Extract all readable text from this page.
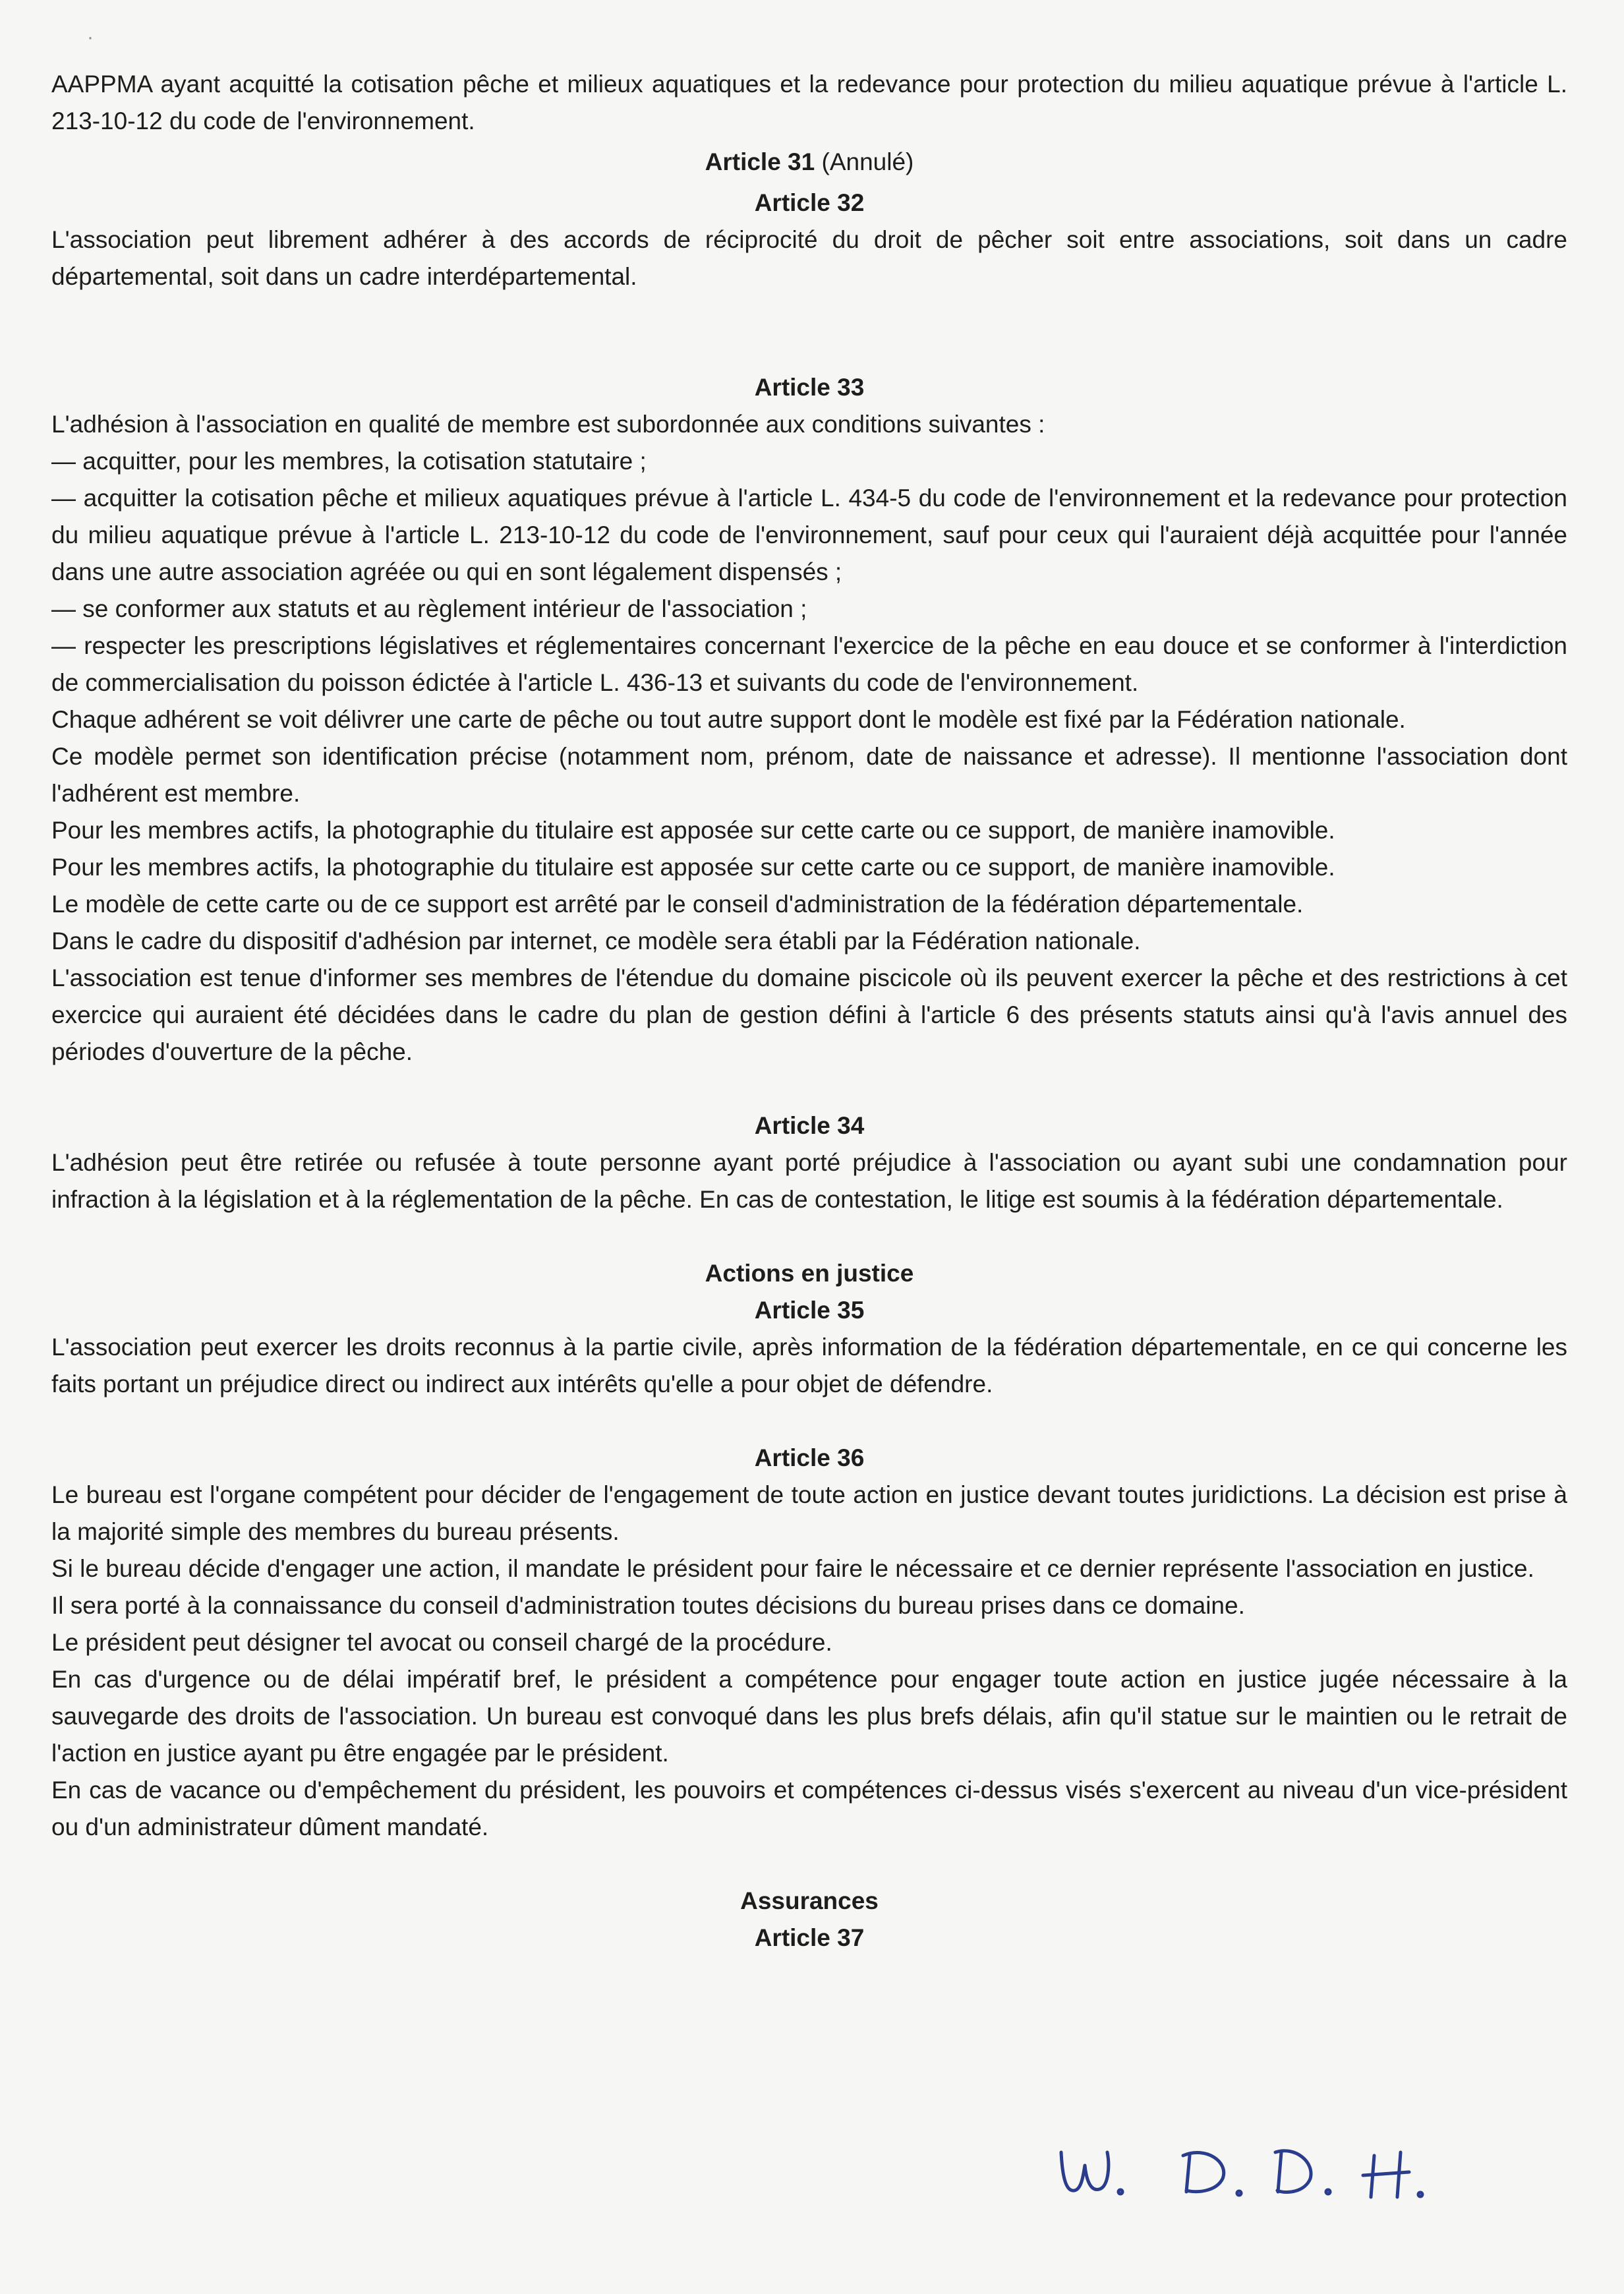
·

AAPPMA ayant acquitté la cotisation pêche et milieux aquatiques et la redevance pour protection du milieu aquatique prévue à l'article L. 213-10-12 du code de l'environnement.

Article 31 (Annulé)

Article 32

L'association peut librement adhérer à des accords de réciprocité du droit de pêcher soit entre associations, soit dans un cadre départemental, soit dans un cadre interdépartemental.

Article 33

L'adhésion à l'association en qualité de membre est subordonnée aux conditions suivantes :

— acquitter, pour les membres, la cotisation statutaire ;

— acquitter la cotisation pêche et milieux aquatiques prévue à l'article L. 434-5 du code de l'environnement et la redevance pour protection du milieu aquatique prévue à l'article L. 213-10-12 du code de l'environnement, sauf pour ceux qui l'auraient déjà acquittée pour l'année dans une autre association agréée ou qui en sont légalement dispensés ;

— se conformer aux statuts et au règlement intérieur de l'association ;

— respecter les prescriptions législatives et réglementaires concernant l'exercice de la pêche en eau douce et se conformer à l'interdiction de commercialisation du poisson édictée à l'article L. 436-13 et suivants du code de l'environnement.

Chaque adhérent se voit délivrer une carte de pêche ou tout autre support dont le modèle est fixé par la Fédération nationale.

Ce modèle permet son identification précise (notamment nom, prénom, date de naissance et adresse). Il mentionne l'association dont l'adhérent est membre.

Pour les membres actifs, la photographie du titulaire est apposée sur cette carte ou ce support, de manière inamovible.

Pour les membres actifs, la photographie du titulaire est apposée sur cette carte ou ce support, de manière inamovible.

Le modèle de cette carte ou de ce support est arrêté par le conseil d'administration de la fédération départementale.

Dans le cadre du dispositif d'adhésion par internet, ce modèle sera établi par la Fédération nationale.

L'association est tenue d'informer ses membres de l'étendue du domaine piscicole où ils peuvent exercer la pêche et des restrictions à cet exercice qui auraient été décidées dans le cadre du plan de gestion défini à l'article 6 des présents statuts ainsi qu'à l'avis annuel des périodes d'ouverture de la pêche.

Article 34

L'adhésion peut être retirée ou refusée à toute personne ayant porté préjudice à l'association ou ayant subi une condamnation pour infraction à la législation et à la réglementation de la pêche. En cas de contestation, le litige est soumis à la fédération départementale.

Actions en justice

Article 35

L'association peut exercer les droits reconnus à la partie civile, après information de la fédération départementale, en ce qui concerne les faits portant un préjudice direct ou indirect aux intérêts qu'elle a pour objet de défendre.

Article 36

Le bureau est l'organe compétent pour décider de l'engagement de toute action en justice devant toutes juridictions. La décision est prise à la majorité simple des membres du bureau présents.

Si le bureau décide d'engager une action, il mandate le président pour faire le nécessaire et ce dernier représente l'association en justice.

Il sera porté à la connaissance du conseil d'administration toutes décisions du bureau prises dans ce domaine.

Le président peut désigner tel avocat ou conseil chargé de la procédure.

En cas d'urgence ou de délai impératif bref, le président a compétence pour engager toute action en justice jugée nécessaire à la sauvegarde des droits de l'association. Un bureau est convoqué dans les plus brefs délais, afin qu'il statue sur le maintien ou le retrait de l'action en justice ayant pu être engagée par le président.

En cas de vacance ou d'empêchement du président, les pouvoirs et compétences ci-dessus visés s'exercent au niveau d'un vice-président ou d'un administrateur dûment mandaté.

Assurances

Article 37
